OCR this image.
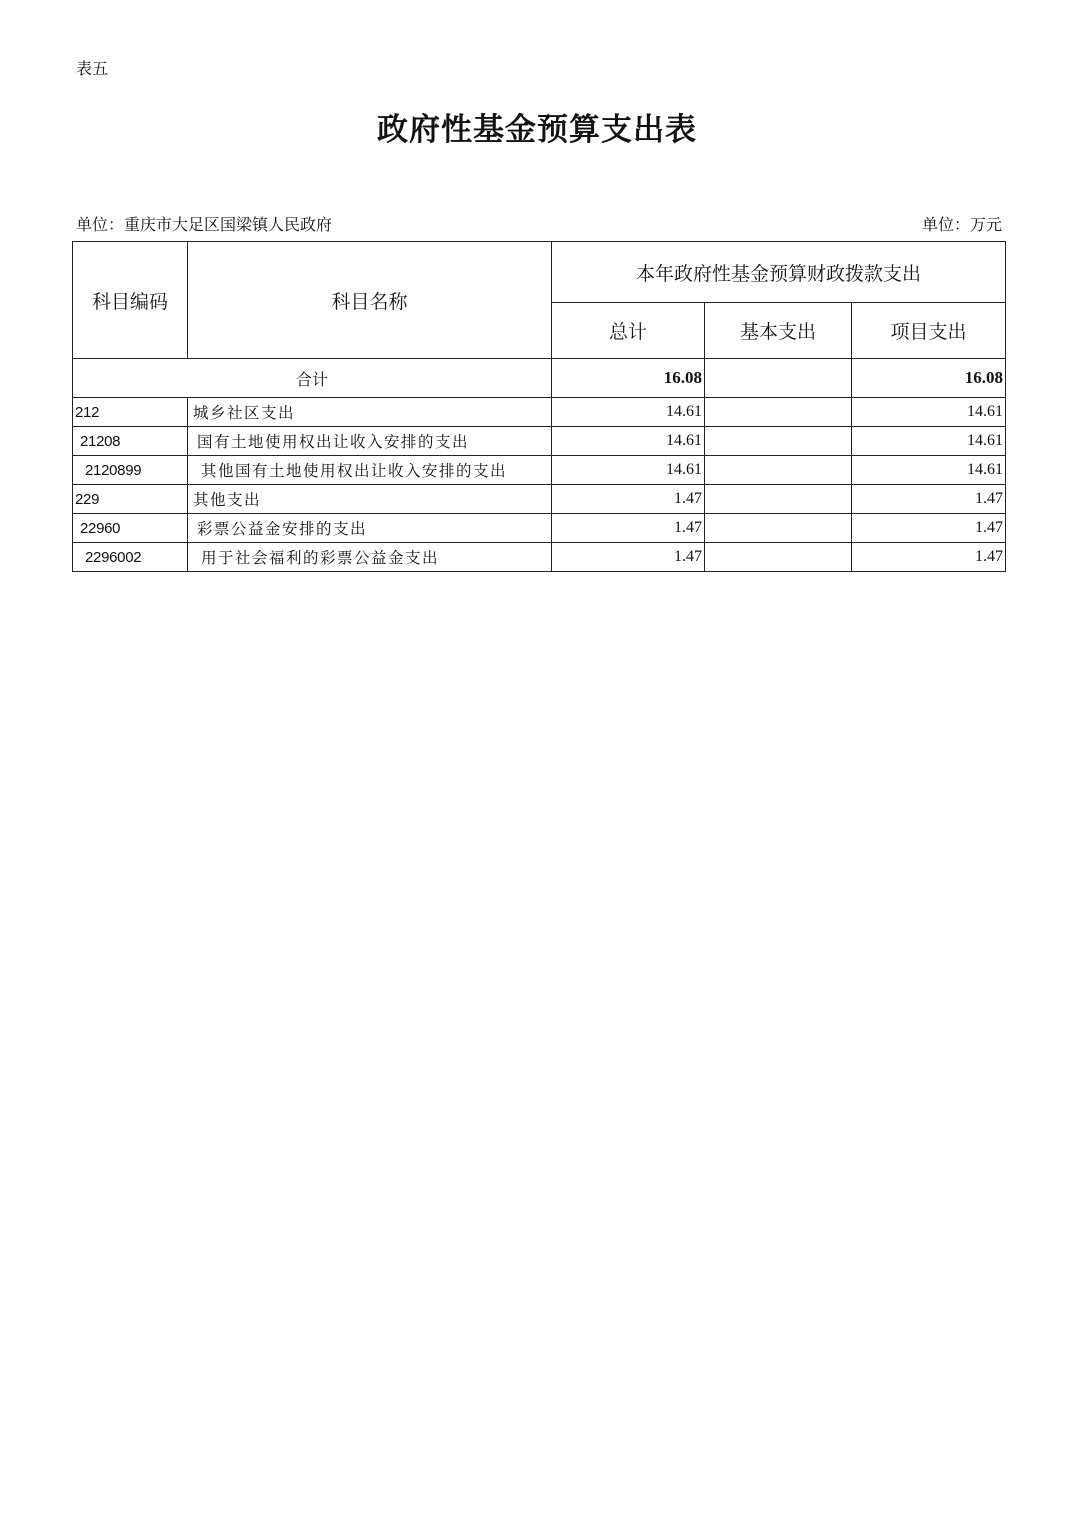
表五
政府性基金预算支出表
单位：重庆市大足区国梁镇人民政府	单位：万元
科目编码	科目名称	本年政府性基金预算财政拨款支出		
		总计	基本支出	项目支出
合计		16.08		16.08
212	城乡社区支出	14.61		14.61
21208	国有土地使用权出让收入安排的支出	14.61		14.61
2120899	其他国有土地使用权出让收入安排的支出	14.61		14.61
229	其他支出	1.47		1.47
22960	彩票公益金安排的支出	1.47		1.47
2296002	用于社会福利的彩票公益金支出	1.47		1.47
